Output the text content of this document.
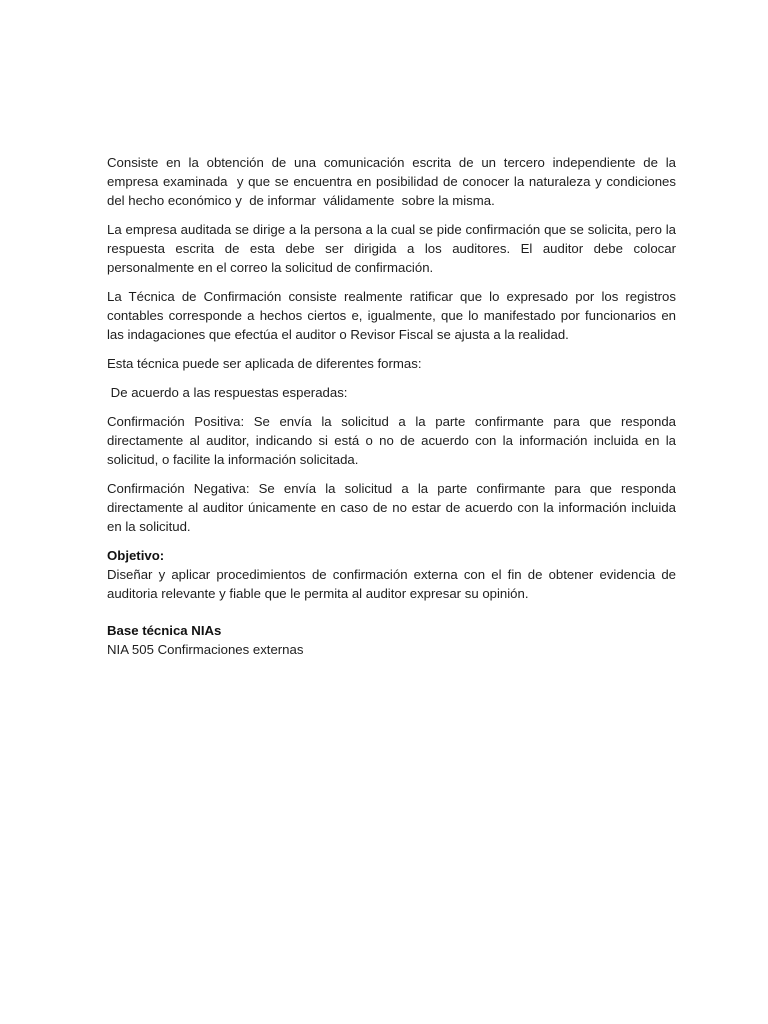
Consiste en la obtención de una comunicación escrita de un tercero independiente de la empresa examinada  y que se encuentra en posibilidad de conocer la naturaleza y condiciones del hecho económico y  de informar  válidamente  sobre la misma.

La empresa auditada se dirige a la persona a la cual se pide confirmación que se solicita, pero la respuesta escrita de esta debe ser dirigida a los auditores. El auditor debe colocar personalmente en el correo la solicitud de confirmación.

La Técnica de Confirmación consiste realmente ratificar que lo expresado por los registros contables corresponde a hechos ciertos e, igualmente, que lo manifestado por funcionarios en las indagaciones que efectúa el auditor o Revisor Fiscal se ajusta a la realidad.

Esta técnica puede ser aplicada de diferentes formas:

De acuerdo a las respuestas esperadas:

Confirmación Positiva: Se envía la solicitud a la parte confirmante para que responda directamente al auditor, indicando si está o no de acuerdo con la información incluida en la solicitud, o facilite la información solicitada.

Confirmación Negativa: Se envía la solicitud a la parte confirmante para que responda directamente al auditor únicamente en caso de no estar de acuerdo con la información incluida en la solicitud.

Objetivo:
Diseñar y aplicar procedimientos de confirmación externa con el fin de obtener evidencia de auditoria relevante y fiable que le permita al auditor expresar su opinión.
Base técnica NIAs
NIA 505 Confirmaciones externas
